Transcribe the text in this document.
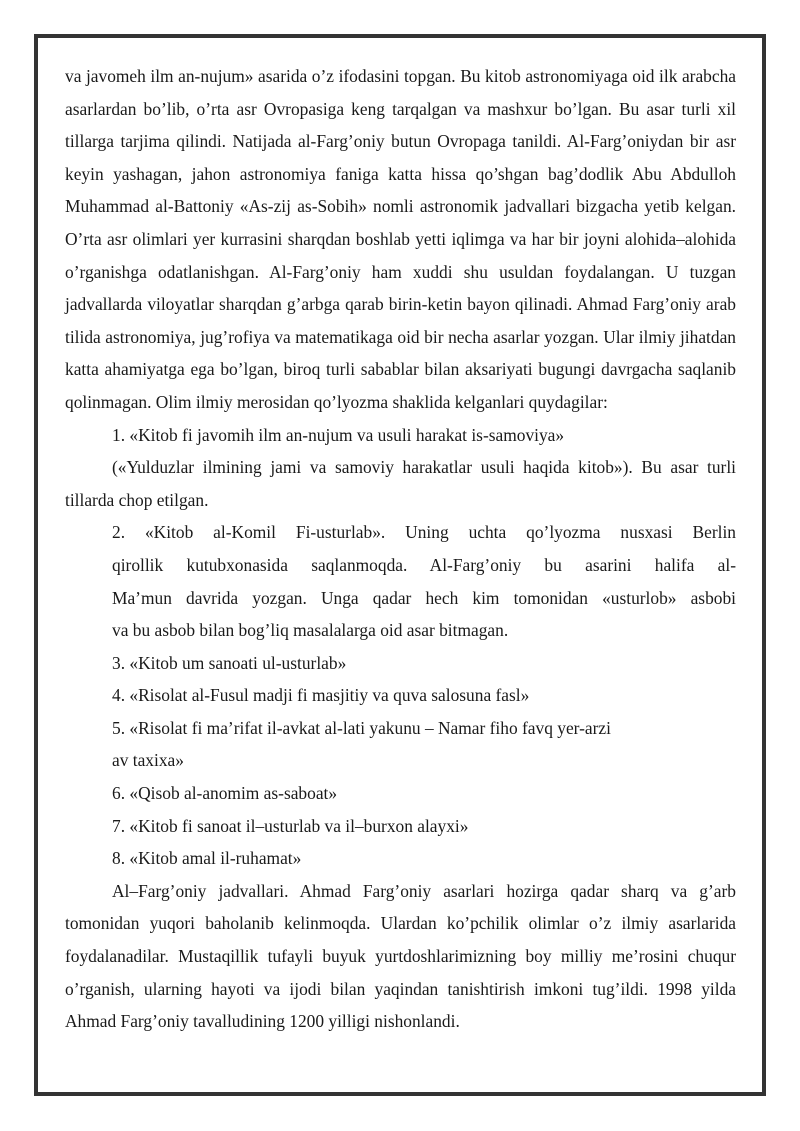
va javomeh ilm an-nujum» asarida o’z ifodasini topgan. Bu kitob astronomiyaga oid ilk arabcha asarlardan bo’lib, o’rta asr Ovropasiga keng tarqalgan va mashxur bo’lgan. Bu asar turli xil tillarga tarjima qilindi. Natijada al-Farg’oniy butun Ovropaga tanildi. Al-Farg’oniydan bir asr keyin yashagan, jahon astronomiya faniga katta hissa qo’shgan bag’dodlik Abu Abdulloh Muhammad al-Battoniy «As-zij as-Sobih» nomli astronomik jadvallari bizgacha yetib kelgan. O’rta asr olimlari yer kurrasini sharqdan boshlab yetti iqlimga va har bir joyni alohida–alohida o’rganishga odatlanishgan. Al-Farg’oniy ham xuddi shu usuldan foydalangan. U tuzgan jadvallarda viloyatlar sharqdan g’arbga qarab birin-ketin bayon qilinadi. Ahmad Farg’oniy arab tilida astronomiya, jug’rofiya va matematikaga oid bir necha asarlar yozgan. Ular ilmiy jihatdan katta ahamiyatga ega bo’lgan, biroq turli sabablar bilan aksariyati bugungi davrgacha saqlanib qolinmagan. Olim ilmiy merosidan qo’lyozma shaklida kelganlari quydagilar:

1. «Kitob fi javomih ilm an-nujum va usuli harakat is-samoviya»

(«Yulduzlar ilmining jami va samoviy harakatlar usuli haqida kitob»). Bu asar turli tillarda chop etilgan.

2. «Kitob al-Komil Fi-usturlab». Uning uchta qo’lyozma nusxasi Berlin
qirollik kutubxonasida saqlanmoqda. Al-Farg’oniy bu asarini halifa al-
Ma’mun davrida yozgan. Unga qadar hech kim tomonidan «usturlob» asbobi
va bu asbob bilan bog’liq masalalarga oid asar bitmagan.

3. «Kitob um sanoati ul-usturlab»

4. «Risolat al-Fusul madji fi masjitiy va quva salosuna fasl»

5. «Risolat fi ma’rifat il-avkat al-lati yakunu – Namar fiho favq yer-arzi
av taxixa»

6. «Qisob al-anomim as-saboat»

7. «Kitob fi sanoat il–usturlab va il–burxon alayxi»

8. «Kitob amal il-ruhamat»

Al–Farg’oniy jadvallari. Ahmad Farg’oniy asarlari hozirga qadar sharq va g’arb tomonidan yuqori baholanib kelinmoqda. Ulardan ko’pchilik olimlar o’z ilmiy asarlarida foydalanadilar. Mustaqillik tufayli buyuk yurtdoshlarimizning boy milliy me’rosini chuqur o’rganish, ularning hayoti va ijodi bilan yaqindan tanishtirish imkoni tug’ildi. 1998 yilda Ahmad Farg’oniy tavalludining 1200 yilligi nishonlandi.
